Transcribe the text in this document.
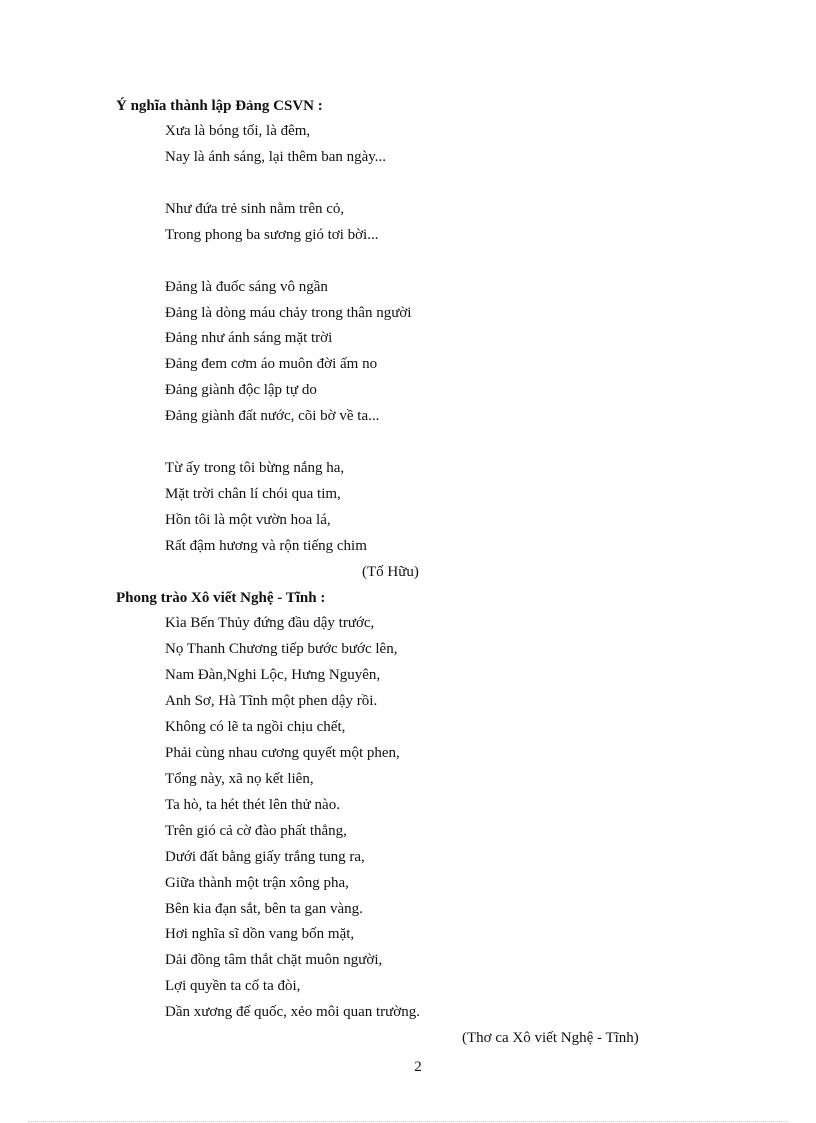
Ý nghĩa thành lập Đảng CSVN :
Xưa là bóng tối, là đêm,
Nay là ánh sáng, lại thêm ban ngày...
Như đứa trẻ sinh nằm trên cỏ,
Trong phong ba sương gió tơi bời...
Đảng là đuốc sáng vô ngần
Đảng là dòng máu chảy trong thân người
Đảng như ánh sáng mặt trời
Đảng đem cơm áo muôn đời ấm no
Đảng giành độc lập tự do
Đảng giành đất nước, cõi bờ về ta...
Từ ấy trong tôi bừng nắng ha,
Mặt trời chân lí chói qua tim,
Hồn tôi là một vườn hoa lá,
Rất đậm hương và rộn tiếng chim
(Tố Hữu)
Phong trào Xô viết Nghệ - Tĩnh :
Kìa Bến Thủy đứng đầu dậy trước,
Nọ Thanh Chương tiếp bước bước lên,
Nam Đàn,Nghi Lộc, Hưng Nguyên,
Anh Sơ, Hà Tĩnh một phen dậy rồi.
Không có lẽ ta ngồi chịu chết,
Phải cùng nhau cương quyết một phen,
Tổng này, xã nọ kết liên,
Ta hò, ta hét thét lên thử nào.
Trên gió cả cờ đào phất thẳng,
Dưới đất bằng giấy trắng tung ra,
Giữa thành một trận xông pha,
Bên kia đạn sắt, bên ta gan vàng.
Hơi nghĩa sĩ dồn vang bốn mặt,
Dải đồng tâm thắt chặt muôn người,
Lợi quyền ta cố ta đòi,
Dần xương đế quốc, xẻo môi quan trường.
(Thơ ca Xô viết Nghệ - Tĩnh)
2
